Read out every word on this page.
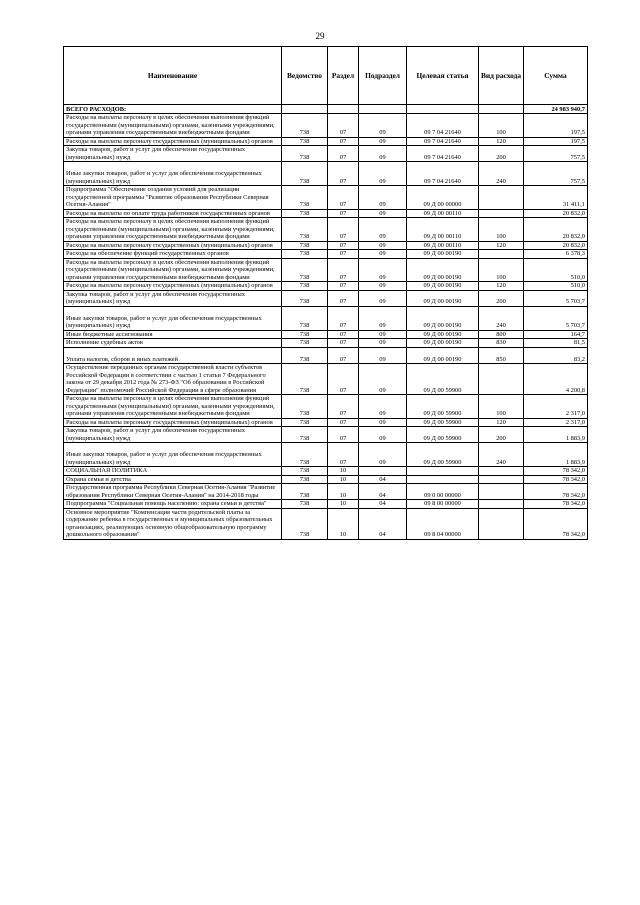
29
Наименование	Ведомство	Раздел	Подраздел	Целевая статья	Вид расхода	Сумма
ВСЕГО РАСХОДОВ:						24 983 940,7
Расходы на выплаты персоналу в целях обеспечения выполнения функций государственными (муниципальными) органами, казенными учреждениями, органами управления государственными внебюджетными фондами	738	07	09	09 7 04 21640	100	197,5
Расходы на выплаты персоналу государственных (муниципальных) органов	738	07	09	09 7 04 21640	120	197,5
Закупка товаров, работ и услуг для обеспечения государственных (муниципальных) нужд	738	07	09	09 7 04 21640	200	757,5
Иные закупки товаров, работ и услуг для обеспечения государственных (муниципальных) нужд	738	07	09	09 7 04 21640	240	757,5
Подпрограмма "Обеспечение создания условий для реализации государственной программы "Развитие образования Республики Северная Осетия-Алания"	738	07	09	09 Д 00 00000		31 411,1
Расходы на выплаты по оплате труда работников государственных органов	738	07	09	09 Д 00 00110		20 832,0
Расходы на выплаты персоналу в целях обеспечения выполнения функций государственными (муниципальными) органами, казенными учреждениями, органами управления государственными внебюджетными фондами	738	07	09	09 Д 00 00110	100	20 832,0
Расходы на выплаты персоналу государственных (муниципальных) органов	738	07	09	09 Д 00 00110	120	20 832,0
Расходы на обеспечение функций государственных органов	738	07	09	09 Д 00 00190		6 378,3
Расходы на выплаты персоналу в целях обеспечения выполнения функций государственными (муниципальными) органами, казенными учреждениями, органами управления государственными внебюджетными фондами	738	07	09	09 Д 00 00190	100	510,0
Расходы на выплаты персоналу государственных (муниципальных) органов	738	07	09	09 Д 00 00190	120	510,0
Закупка товаров, работ и услуг для обеспечения государственных (муниципальных) нужд	738	07	09	09 Д 00 00190	200	5 703,7
Иные закупки товаров, работ и услуг для обеспечения государственных (муниципальных) нужд	738	07	09	09 Д 00 00190	240	5 703,7
Иные бюджетные ассигнования	738	07	09	09 Д 00 00190	800	164,7
Исполнение судебных актов	738	07	09	09 Д 00 00190	830	81,5
Уплата налогов, сборов и иных платежей	738	07	09	09 Д 00 00190	850	83,2
Осуществление переданных органам государственной власти субъектов Российской Федерации в соответствии с частью 1 статьи 7 Федерального закона от 29 декабря 2012 года № 273-ФЗ "Об образовании в Российской Федерации" полномочий Российской Федерации в сфере образования	738	07	09	09 Д 00 59900		4 200,8
Расходы на выплаты персоналу в целях обеспечения выполнения функций государственными (муниципальными) органами, казенными учреждениями, органами управления государственными внебюджетными фондами	738	07	09	09 Д 00 59900	100	2 317,0
Расходы на выплаты персоналу государственных (муниципальных) органов	738	07	09	09 Д 00 59900	120	2 317,0
Закупка товаров, работ и услуг для обеспечения государственных (муниципальных) нужд	738	07	09	09 Д 00 59900	200	1 883,9
Иные закупки товаров, работ и услуг для обеспечения государственных (муниципальных) нужд	738	07	09	09 Д 00 59900	240	1 883,9
СОЦИАЛЬНАЯ ПОЛИТИКА	738	10				78 342,0
Охрана семьи и детства	738	10	04			78 342,0
Государственная программа Республики Северная Осетия-Алания "Развитие образования Республики Северная Осетия-Алания" на 2014-2018 годы	738	10	04	09 0 00 00000		78 342,0
Подпрограмма "Социальная помощь населению: охрана семьи и детства"	738	10	04	09 8 00 00000		78 342,0
Основное мероприятие "Компенсация части родительской платы за содержание ребенка в государственных и муниципальных образовательных организациях, реализующих основную общеобразовательную программу дошкольного образования"	738	10	04	09 8 04 00000		78 342,0
